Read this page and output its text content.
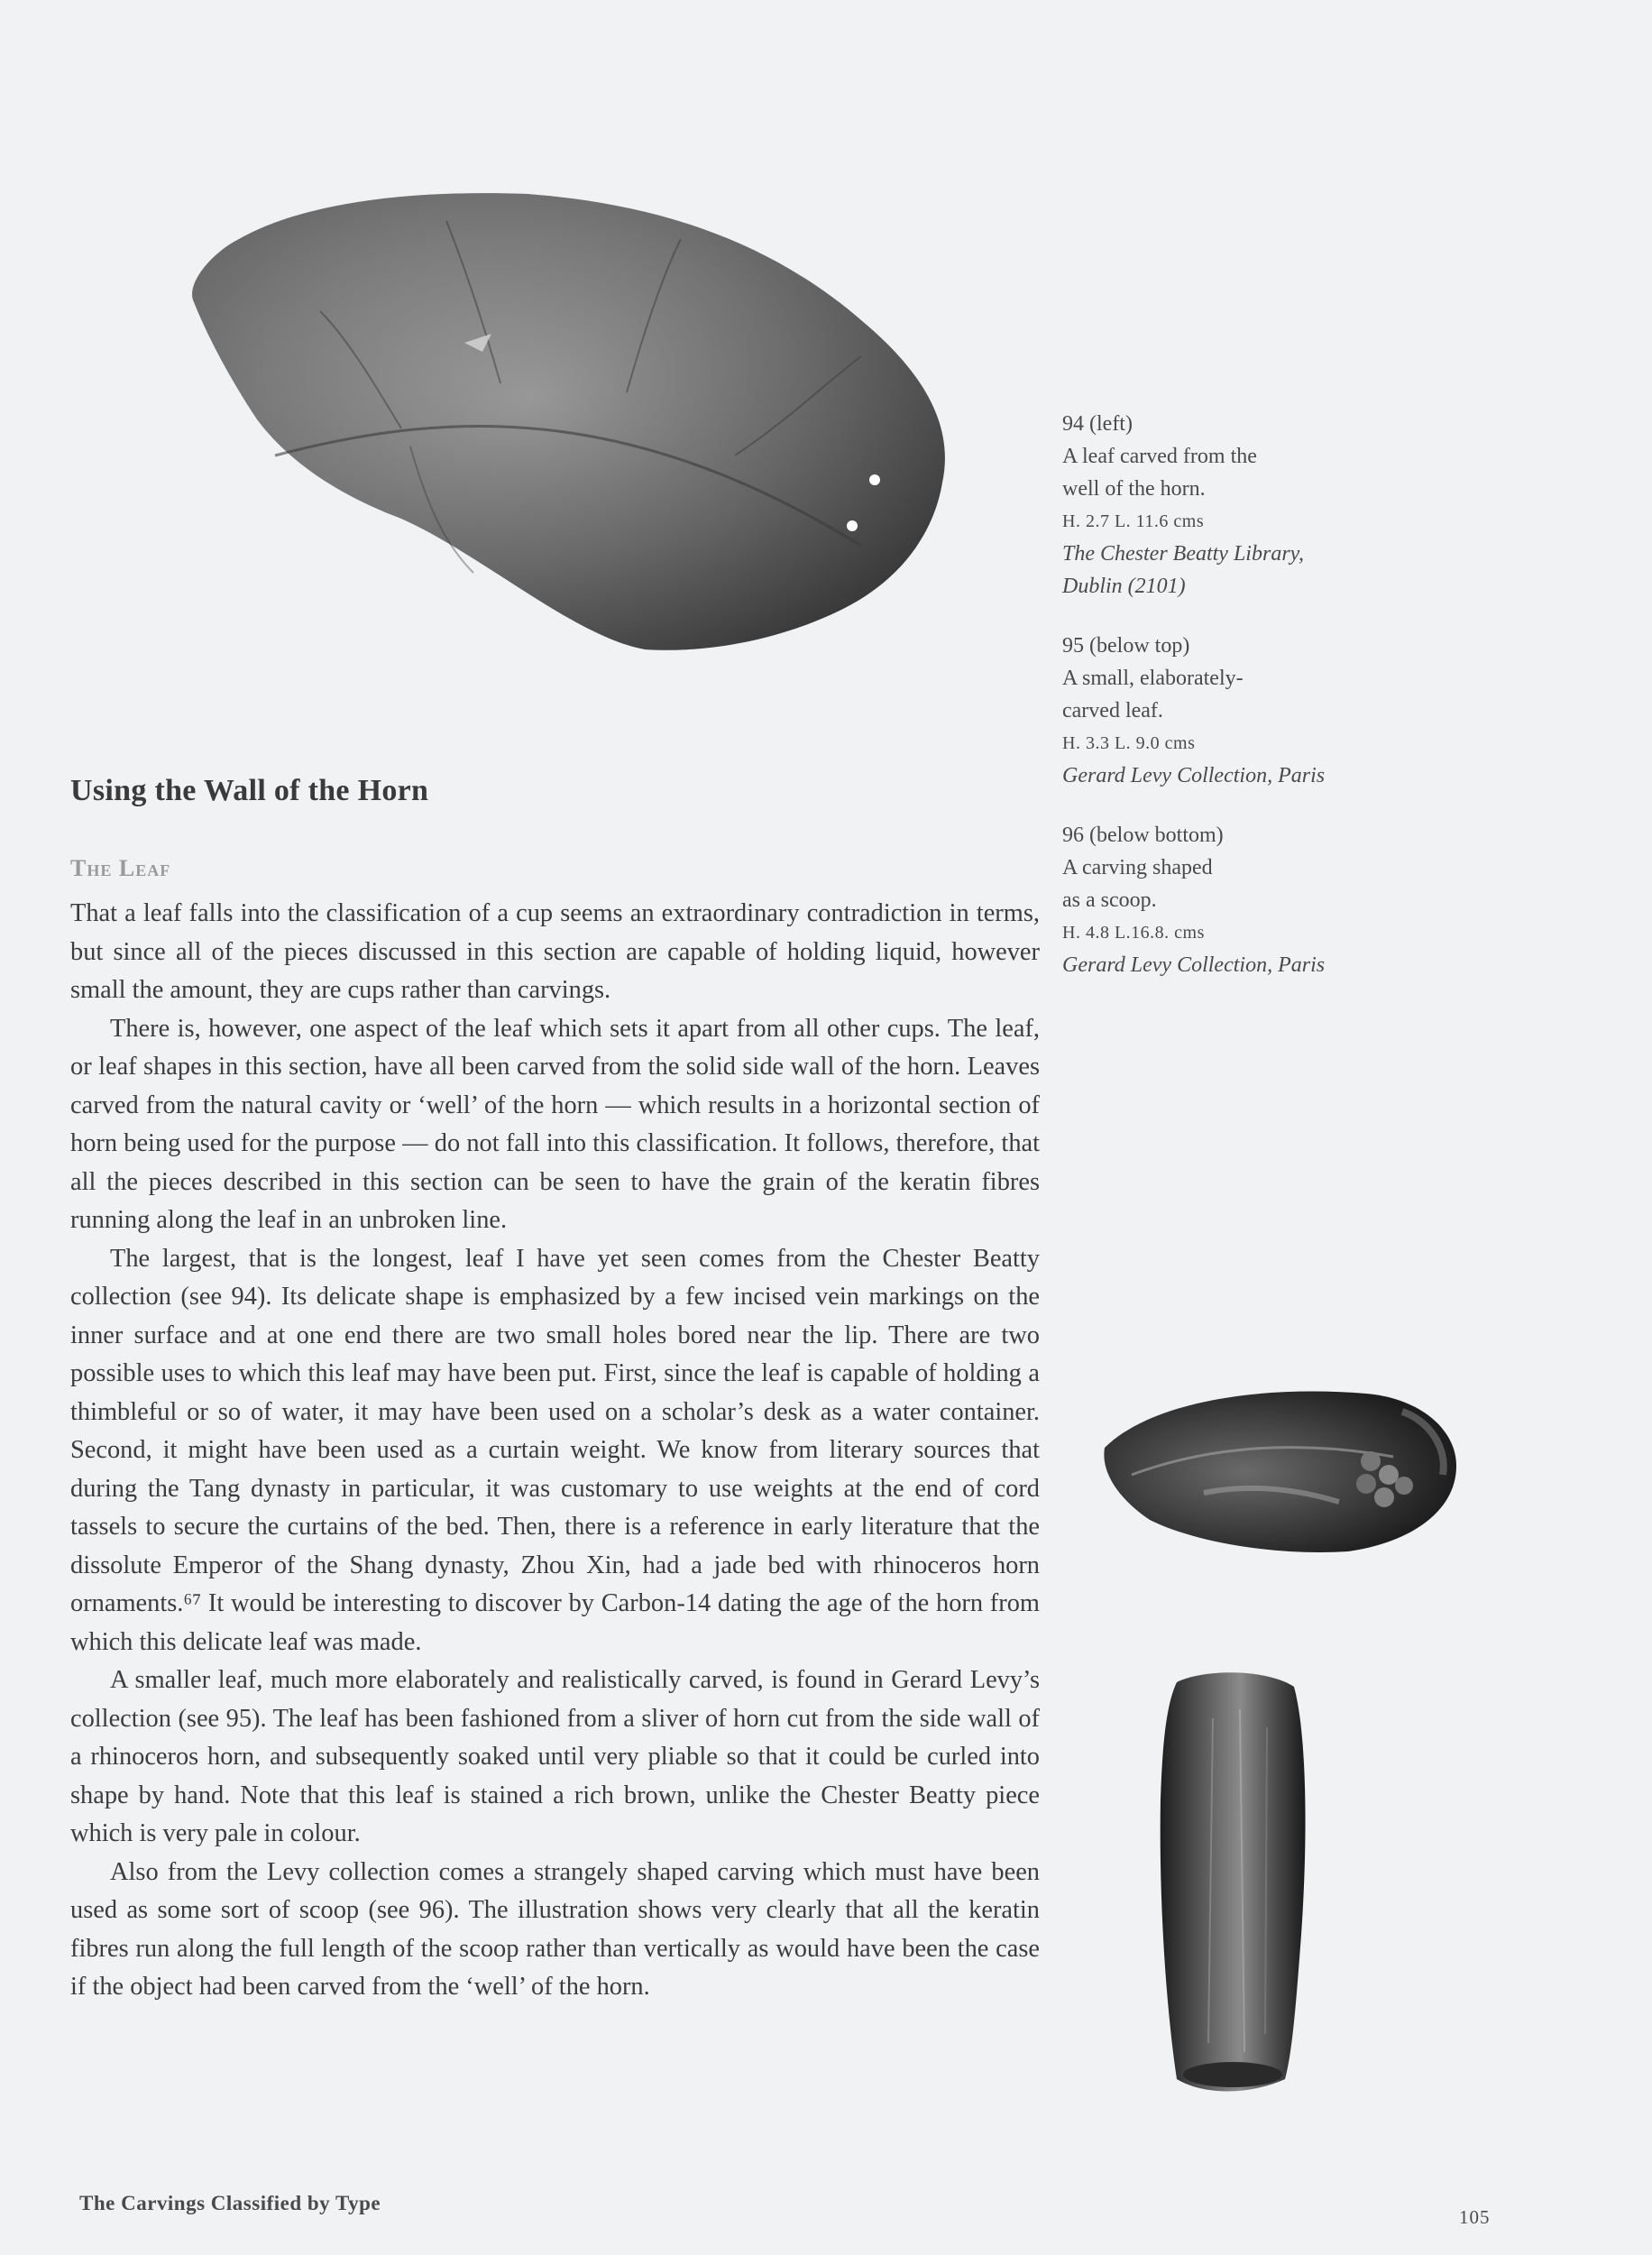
94 (left)

A leaf carved from the

well of the horn.

H. 2.7 L. 11.6 cms

The Chester Beatty Library,

Dublin (2101)

95 (below top)

A small, elaborately-

carved leaf.

H. 3.3 L. 9.0 cms

Gerard Levy Collection, Paris

96 (below bottom)

A carving shaped

as a scoop.

H. 4.8 L.16.8. cms

Gerard Levy Collection, Paris

Using the Wall of the Horn
The Leaf

That a leaf falls into the classification of a cup seems an extraordinary contradiction in terms, but since all of the pieces discussed in this section are capable of holding liquid, however small the amount, they are cups rather than carvings.

There is, however, one aspect of the leaf which sets it apart from all other cups. The leaf, or leaf shapes in this section, have all been carved from the solid side wall of the horn. Leaves carved from the natural cavity or ‘well’ of the horn — which results in a horizontal section of horn being used for the purpose — do not fall into this classification. It follows, therefore, that all the pieces described in this section can be seen to have the grain of the keratin fibres running along the leaf in an unbroken line.

The largest, that is the longest, leaf I have yet seen comes from the Chester Beatty collection (see 94). Its delicate shape is emphasized by a few incised vein markings on the inner surface and at one end there are two small holes bored near the lip. There are two possible uses to which this leaf may have been put. First, since the leaf is capable of holding a thimbleful or so of water, it may have been used on a scholar’s desk as a water container. Second, it might have been used as a curtain weight. We know from literary sources that during the Tang dynasty in particular, it was customary to use weights at the end of cord tassels to secure the curtains of the bed. Then, there is a reference in early literature that the dissolute Emperor of the Shang dynasty, Zhou Xin, had a jade bed with rhinoceros horn ornaments.⁶⁷ It would be interesting to discover by Carbon-14 dating the age of the horn from which this delicate leaf was made.

A smaller leaf, much more elaborately and realistically carved, is found in Gerard Levy’s collection (see 95). The leaf has been fashioned from a sliver of horn cut from the side wall of a rhinoceros horn, and subsequently soaked until very pliable so that it could be curled into shape by hand. Note that this leaf is stained a rich brown, unlike the Chester Beatty piece which is very pale in colour.

Also from the Levy collection comes a strangely shaped carving which must have been used as some sort of scoop (see 96). The illustration shows very clearly that all the keratin fibres run along the full length of the scoop rather than vertically as would have been the case if the object had been carved from the ‘well’ of the horn.

The Carvings Classified by Type

105
